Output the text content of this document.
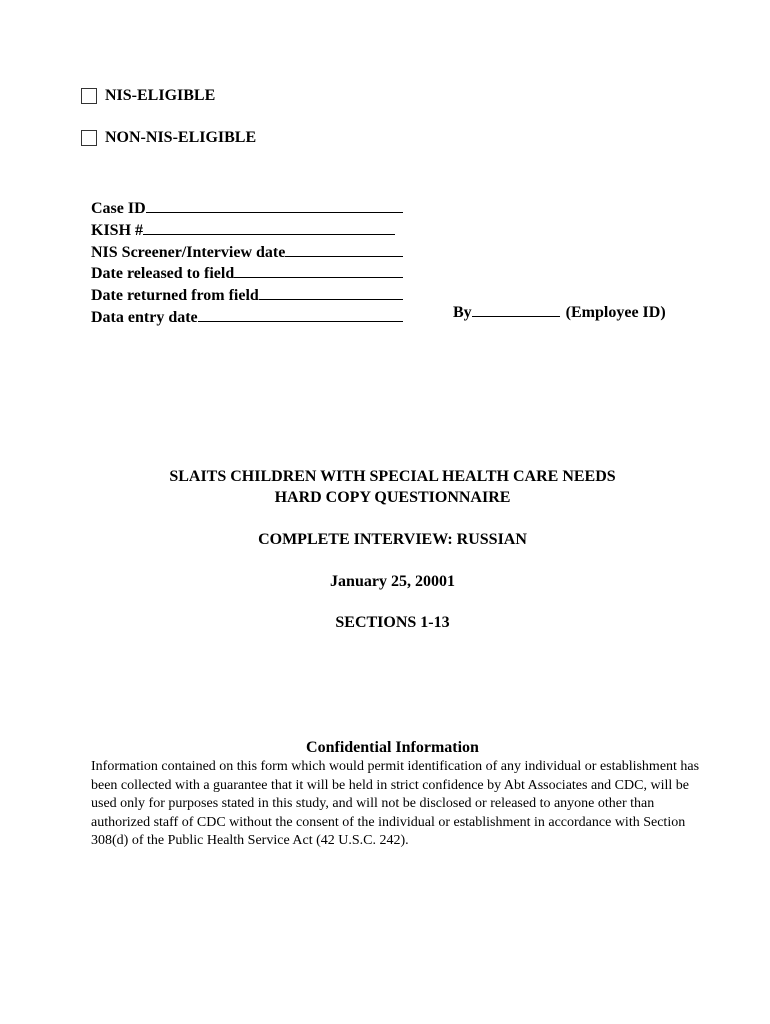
NIS-ELIGIBLE
NON-NIS-ELIGIBLE
Case ID
KISH #
NIS Screener/Interview date
Date released to field
Date returned from field
Data entry date	By	(Employee ID)
SLAITS CHILDREN WITH SPECIAL HEALTH CARE NEEDS
HARD COPY QUESTIONNAIRE
COMPLETE INTERVIEW: RUSSIAN
January 25, 20001
SECTIONS 1-13
Confidential Information
Information contained on this form which would permit identification of any individual or establishment has been collected with a guarantee that it will be held in strict confidence by Abt Associates and CDC, will be used only for purposes stated in this study, and will not be disclosed or released to anyone other than authorized staff of CDC without the consent of the individual or establishment in accordance with Section 308(d) of the Public Health Service Act (42 U.S.C. 242).
